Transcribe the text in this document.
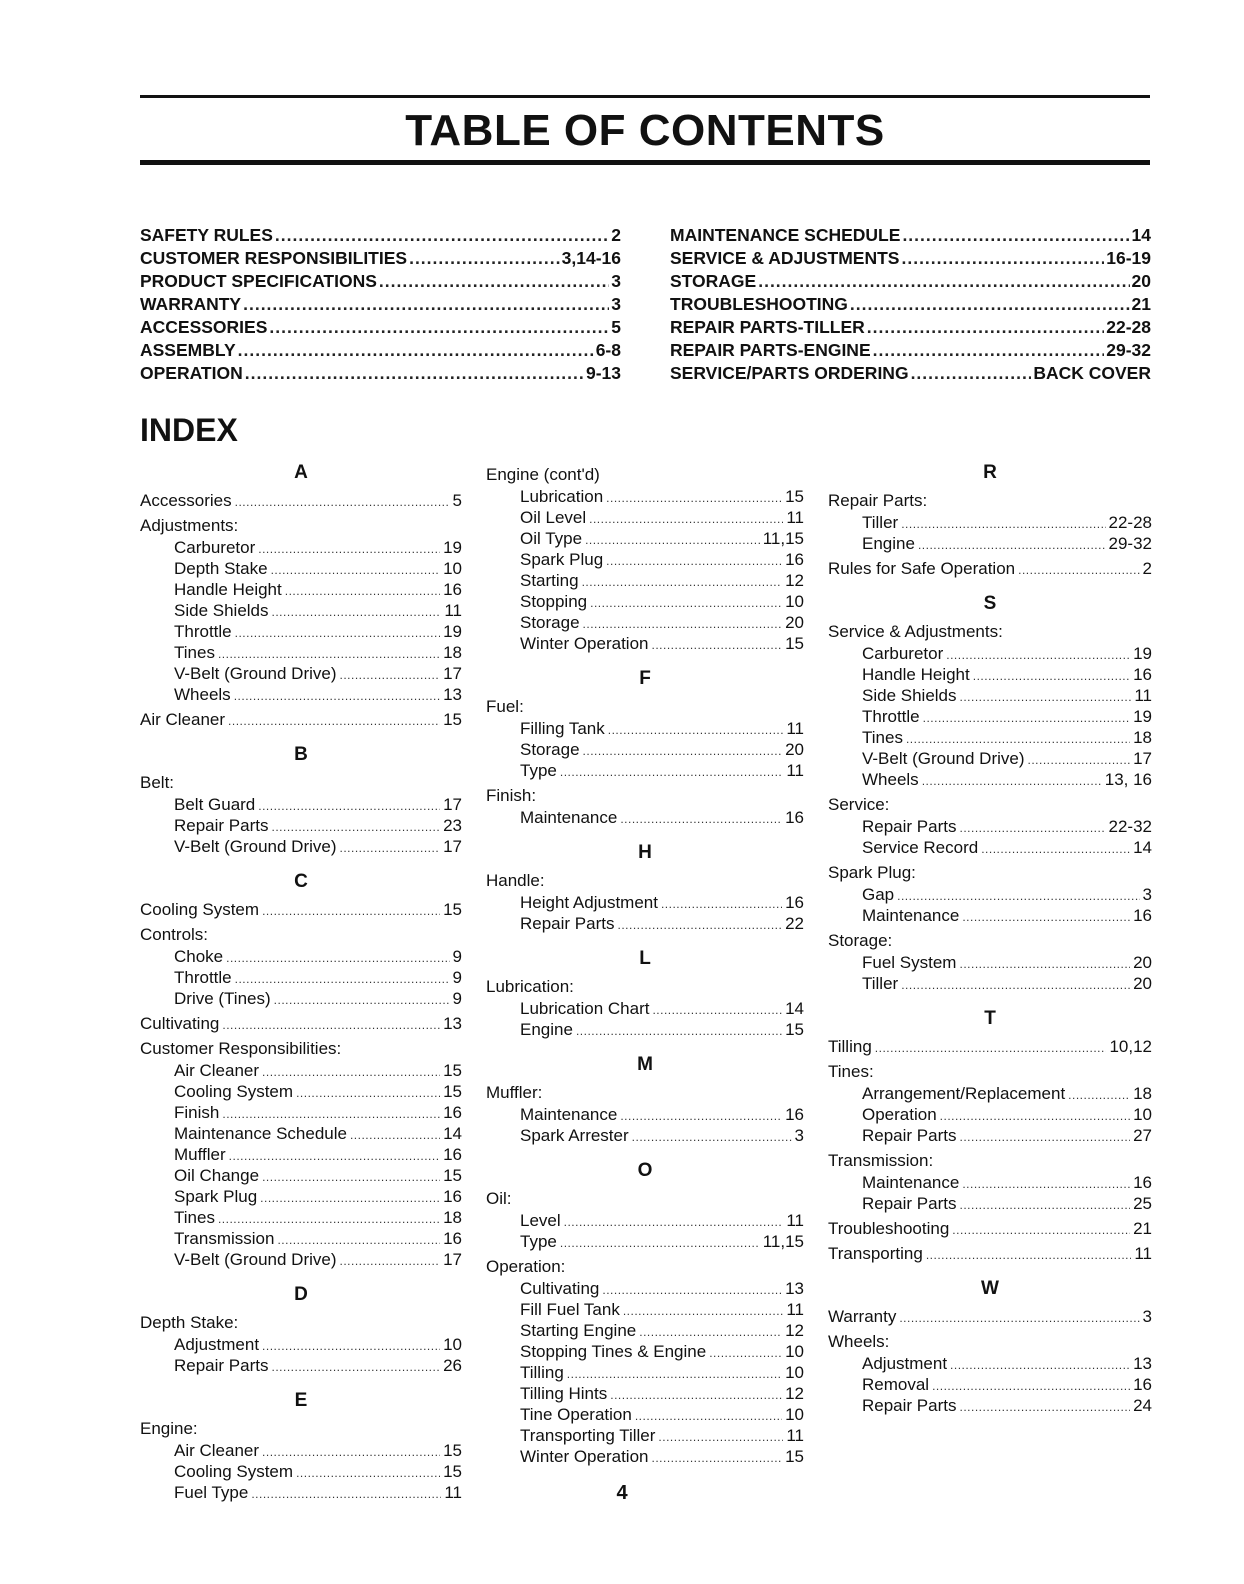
TABLE OF CONTENTS
SAFETY RULES .....	2
CUSTOMER RESPONSIBILITIES .....	3,14-16
PRODUCT SPECIFICATIONS .....	3
WARRANTY .....	3
ACCESSORIES .....	5
ASSEMBLY .....	6-8
OPERATION .....	9-13
MAINTENANCE SCHEDULE .....	14
SERVICE & ADJUSTMENTS .....	16-19
STORAGE .....	20
TROUBLESHOOTING .....	21
REPAIR PARTS-TILLER .....	22-28
REPAIR PARTS-ENGINE .....	29-32
SERVICE/PARTS ORDERING .....	BACK COVER
INDEX
A
Accessories .....	5
Adjustments:
Carburetor .....	19
Depth Stake .....	10
Handle Height .....	16
Side Shields .....	11
Throttle .....	19
Tines .....	18
V-Belt (Ground Drive) .....	17
Wheels .....	13
Air Cleaner .....	15
B
Belt:
Belt Guard .....	17
Repair Parts .....	23
V-Belt (Ground Drive) .....	17
C
Cooling System .....	15
Controls:
Choke .....	9
Throttle .....	9
Drive (Tines) .....	9
Cultivating .....	13
Customer Responsibilities:
Air Cleaner .....	15
Cooling System .....	15
Finish .....	16
Maintenance Schedule .....	14
Muffler .....	16
Oil Change .....	15
Spark Plug .....	16
Tines .....	18
Transmission .....	16
V-Belt (Ground Drive) .....	17
D
Depth Stake:
Adjustment .....	10
Repair Parts .....	26
E
Engine:
Air Cleaner .....	15
Cooling System .....	15
Fuel Type .....	11
Engine (cont'd)
Lubrication .....	15
Oil Level .....	11
Oil Type .....	11,15
Spark Plug .....	16
Starting .....	12
Stopping .....	10
Storage .....	20
Winter Operation .....	15
F
Fuel:
Filling Tank .....	11
Storage .....	20
Type .....	11
Finish:
Maintenance .....	16
H
Handle:
Height Adjustment .....	16
Repair Parts .....	22
L
Lubrication:
Lubrication Chart .....	14
Engine .....	15
M
Muffler:
Maintenance .....	16
Spark Arrester .....	3
O
Oil:
Level .....	11
Type .....	11,15
Operation:
Cultivating .....	13
Fill Fuel Tank .....	11
Starting Engine .....	12
Stopping Tines & Engine .....	10
Tilling .....	10
Tilling Hints .....	12
Tine Operation .....	10
Transporting Tiller .....	11
Winter Operation .....	15
R
Repair Parts:
Tiller .....	22-28
Engine .....	29-32
Rules for Safe Operation .....	2
S
Service & Adjustments:
Carburetor .....	19
Handle Height .....	16
Side Shields .....	11
Throttle .....	19
Tines .....	18
V-Belt (Ground Drive) .....	17
Wheels .....	13, 16
Service:
Repair Parts .....	22-32
Service Record .....	14
Spark Plug:
Gap .....	3
Maintenance .....	16
Storage:
Fuel System .....	20
Tiller .....	20
T
Tilling .....	10,12
Tines:
Arrangement/Replacement .....	18
Operation .....	10
Repair Parts .....	27
Transmission:
Maintenance .....	16
Repair Parts .....	25
Troubleshooting .....	21
Transporting .....	11
W
Warranty .....	3
Wheels:
Adjustment .....	13
Removal .....	16
Repair Parts .....	24
4
